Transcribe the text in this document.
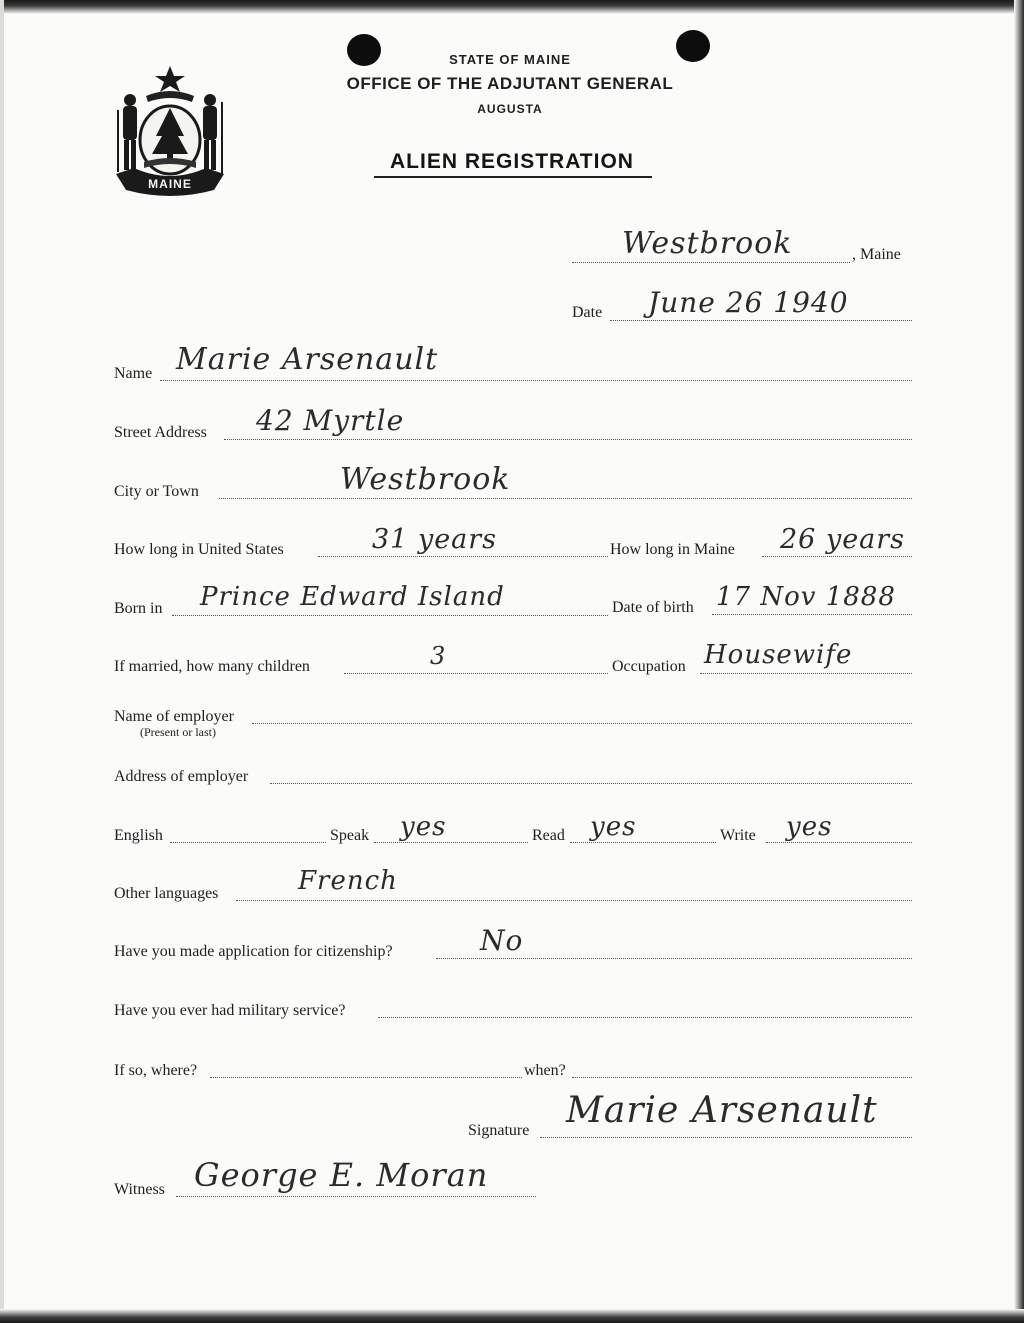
MAINE
STATE OF MAINE
OFFICE OF THE ADJUTANT GENERAL
AUGUSTA
ALIEN REGISTRATION
Westbrook	, Maine
Date June 26 1940
Name Marie Arsenault
Street Address 42 Myrtle
City or Town	Westbrook
How long in United States	31 years	How long in Maine 26 years
Born in Prince Edward Island	Date of birth 17 Nov 1888
If married, how many children	3	Occupation Housewife
Name of employer
(Present or last)
Address of employer
English	Speak yes	Read yes	Write yes
Other languages	French
Have you made application for citizenship?	No
Have you ever had military service?
If so, where?	when?
Signature Marie Arsenault
Witness George E. Moran
